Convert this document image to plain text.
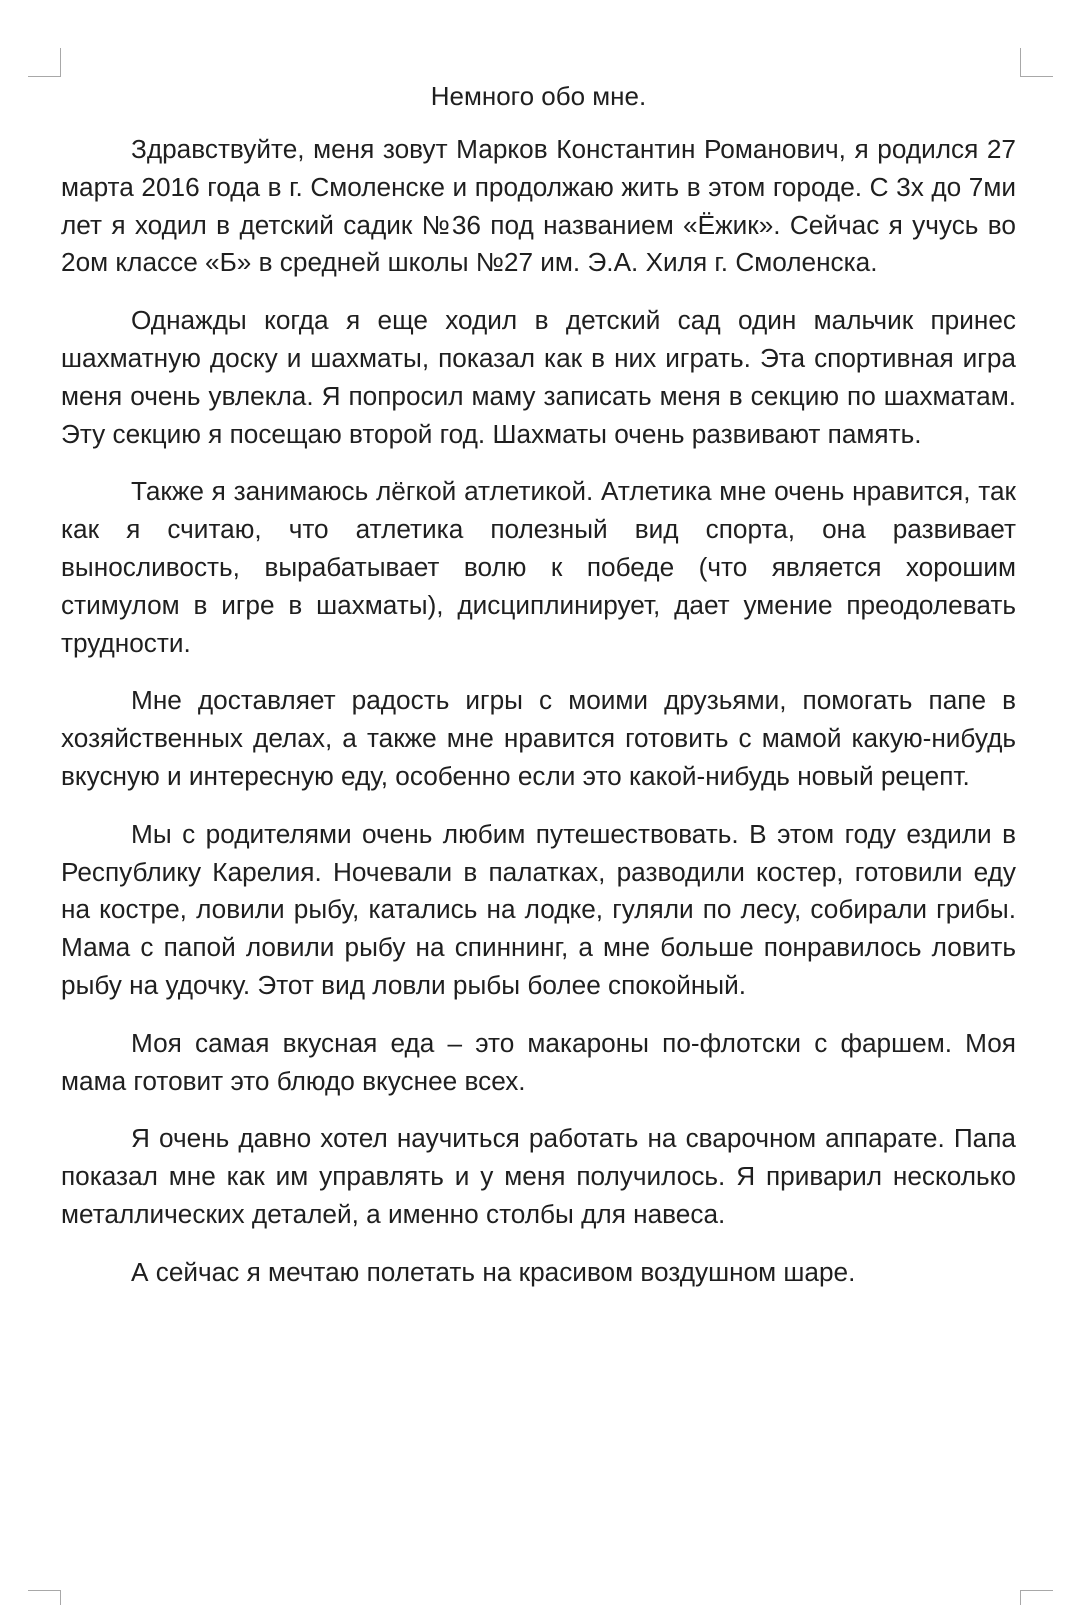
Немного обо мне.

Здравствуйте, меня зовут Марков Константин Романович, я родился 27 марта 2016 года в г. Смоленске и продолжаю жить в этом городе. С 3х до 7ми лет я ходил в детский садик №36 под названием «Ёжик». Сейчас я учусь во 2ом классе «Б» в средней школы №27 им. Э.А. Хиля г. Смоленска.

Однажды когда я еще ходил в детский сад один мальчик принес шахматную доску и шахматы, показал как в них играть. Эта спортивная игра меня очень увлекла. Я попросил маму записать меня в секцию по шахматам. Эту секцию я посещаю второй год. Шахматы очень развивают память.

Также я занимаюсь лёгкой атлетикой. Атлетика мне очень нравится, так как я считаю, что атлетика полезный вид спорта, она развивает выносливость, вырабатывает волю к победе (что является хорошим стимулом в игре в шахматы), дисциплинирует, дает умение преодолевать трудности.

Мне доставляет радость игры с моими друзьями, помогать папе в хозяйственных делах, а также мне нравится готовить с мамой какую-нибудь вкусную и интересную еду, особенно если это какой-нибудь новый рецепт.

Мы с родителями очень любим путешествовать. В этом году ездили в Республику Карелия. Ночевали в палатках, разводили костер, готовили еду на костре, ловили рыбу, катались на лодке, гуляли по лесу, собирали грибы. Мама с папой ловили рыбу на спиннинг, а мне больше понравилось ловить рыбу на удочку. Этот вид ловли рыбы более спокойный.

Моя самая вкусная еда – это макароны по-флотски с фаршем. Моя мама готовит это блюдо вкуснее всех.

Я очень давно хотел научиться работать на сварочном аппарате. Папа показал мне как им управлять и у меня получилось. Я приварил несколько металлических деталей, а именно столбы для навеса.

А сейчас я мечтаю полетать на красивом воздушном шаре.
